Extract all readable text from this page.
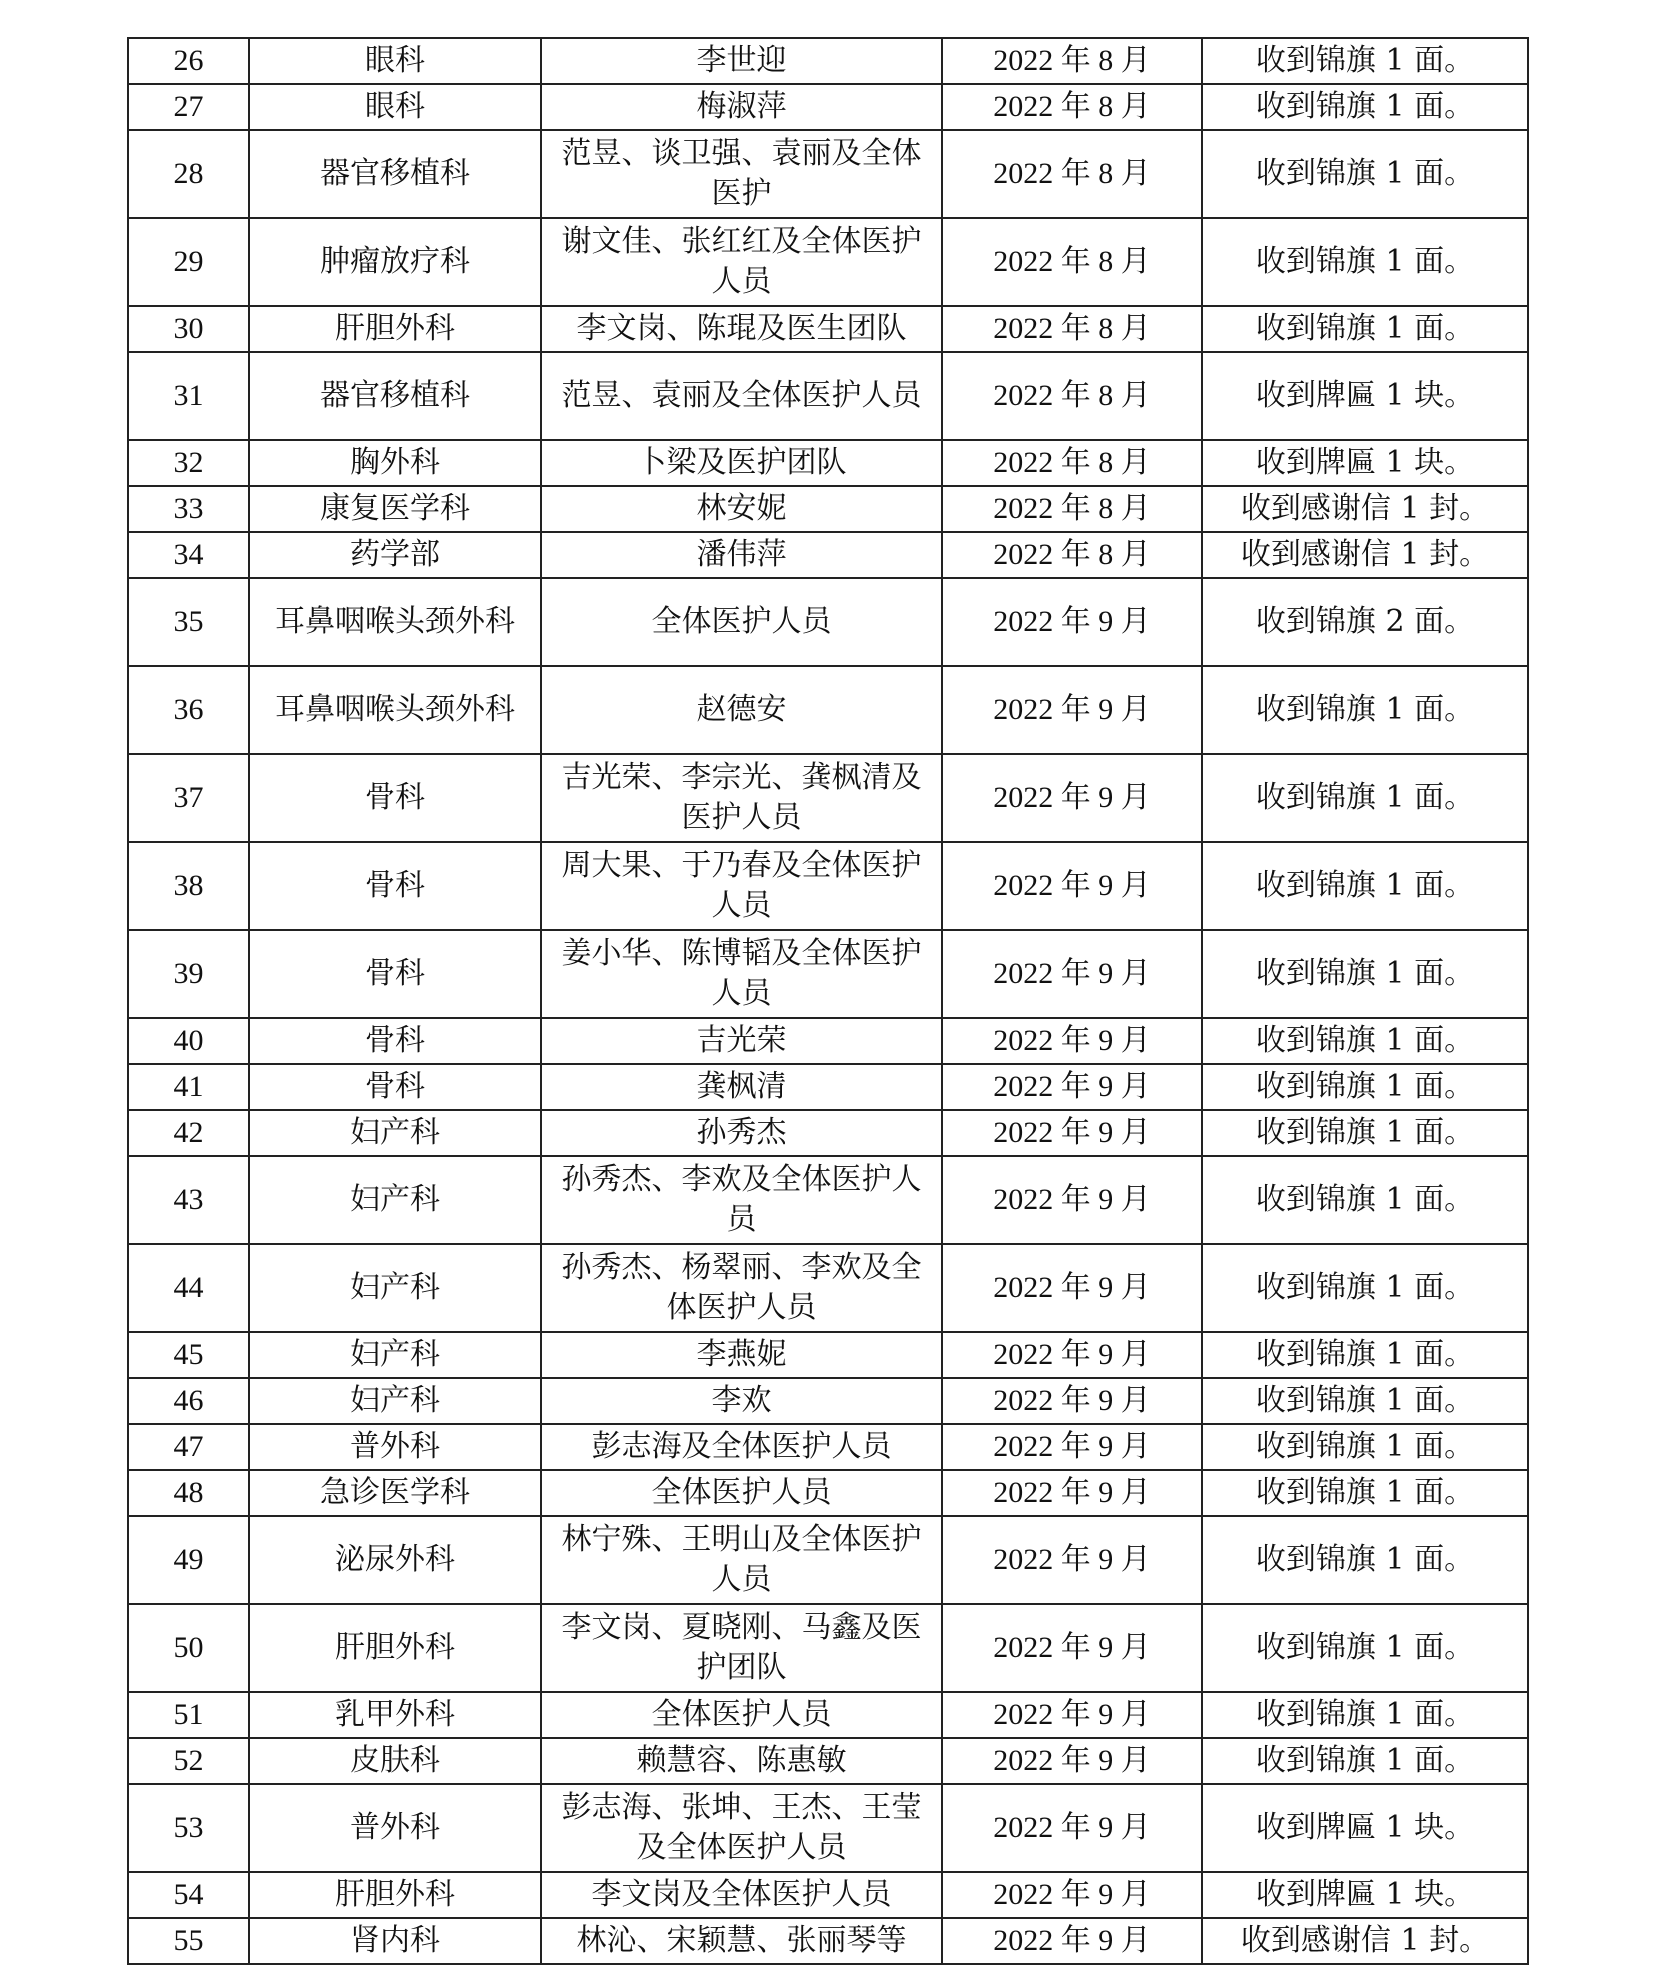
26	眼科	李世迎	2022 年 8 月	收到锦旗 1 面。
27	眼科	梅淑萍	2022 年 8 月	收到锦旗 1 面。
28	器官移植科	范昱、谈卫强、袁丽及全体医护	2022 年 8 月	收到锦旗 1 面。
29	肿瘤放疗科	谢文佳、张红红及全体医护人员	2022 年 8 月	收到锦旗 1 面。
30	肝胆外科	李文岗、陈琨及医生团队	2022 年 8 月	收到锦旗 1 面。
31	器官移植科	范昱、袁丽及全体医护人员	2022 年 8 月	收到牌匾 1 块。
32	胸外科	卜梁及医护团队	2022 年 8 月	收到牌匾 1 块。
33	康复医学科	林安妮	2022 年 8 月	收到感谢信 1 封。
34	药学部	潘伟萍	2022 年 8 月	收到感谢信 1 封。
35	耳鼻咽喉头颈外科	全体医护人员	2022 年 9 月	收到锦旗 2 面。
36	耳鼻咽喉头颈外科	赵德安	2022 年 9 月	收到锦旗 1 面。
37	骨科	吉光荣、李宗光、龚枫清及医护人员	2022 年 9 月	收到锦旗 1 面。
38	骨科	周大果、于乃春及全体医护人员	2022 年 9 月	收到锦旗 1 面。
39	骨科	姜小华、陈博韬及全体医护人员	2022 年 9 月	收到锦旗 1 面。
40	骨科	吉光荣	2022 年 9 月	收到锦旗 1 面。
41	骨科	龚枫清	2022 年 9 月	收到锦旗 1 面。
42	妇产科	孙秀杰	2022 年 9 月	收到锦旗 1 面。
43	妇产科	孙秀杰、李欢及全体医护人员	2022 年 9 月	收到锦旗 1 面。
44	妇产科	孙秀杰、杨翠丽、李欢及全体医护人员	2022 年 9 月	收到锦旗 1 面。
45	妇产科	李燕妮	2022 年 9 月	收到锦旗 1 面。
46	妇产科	李欢	2022 年 9 月	收到锦旗 1 面。
47	普外科	彭志海及全体医护人员	2022 年 9 月	收到锦旗 1 面。
48	急诊医学科	全体医护人员	2022 年 9 月	收到锦旗 1 面。
49	泌尿外科	林宁殊、王明山及全体医护人员	2022 年 9 月	收到锦旗 1 面。
50	肝胆外科	李文岗、夏晓刚、马鑫及医护团队	2022 年 9 月	收到锦旗 1 面。
51	乳甲外科	全体医护人员	2022 年 9 月	收到锦旗 1 面。
52	皮肤科	赖慧容、陈惠敏	2022 年 9 月	收到锦旗 1 面。
53	普外科	彭志海、张坤、王杰、王莹及全体医护人员	2022 年 9 月	收到牌匾 1 块。
54	肝胆外科	李文岗及全体医护人员	2022 年 9 月	收到牌匾 1 块。
55	肾内科	林沁、宋颖慧、张丽琴等	2022 年 9 月	收到感谢信 1 封。
